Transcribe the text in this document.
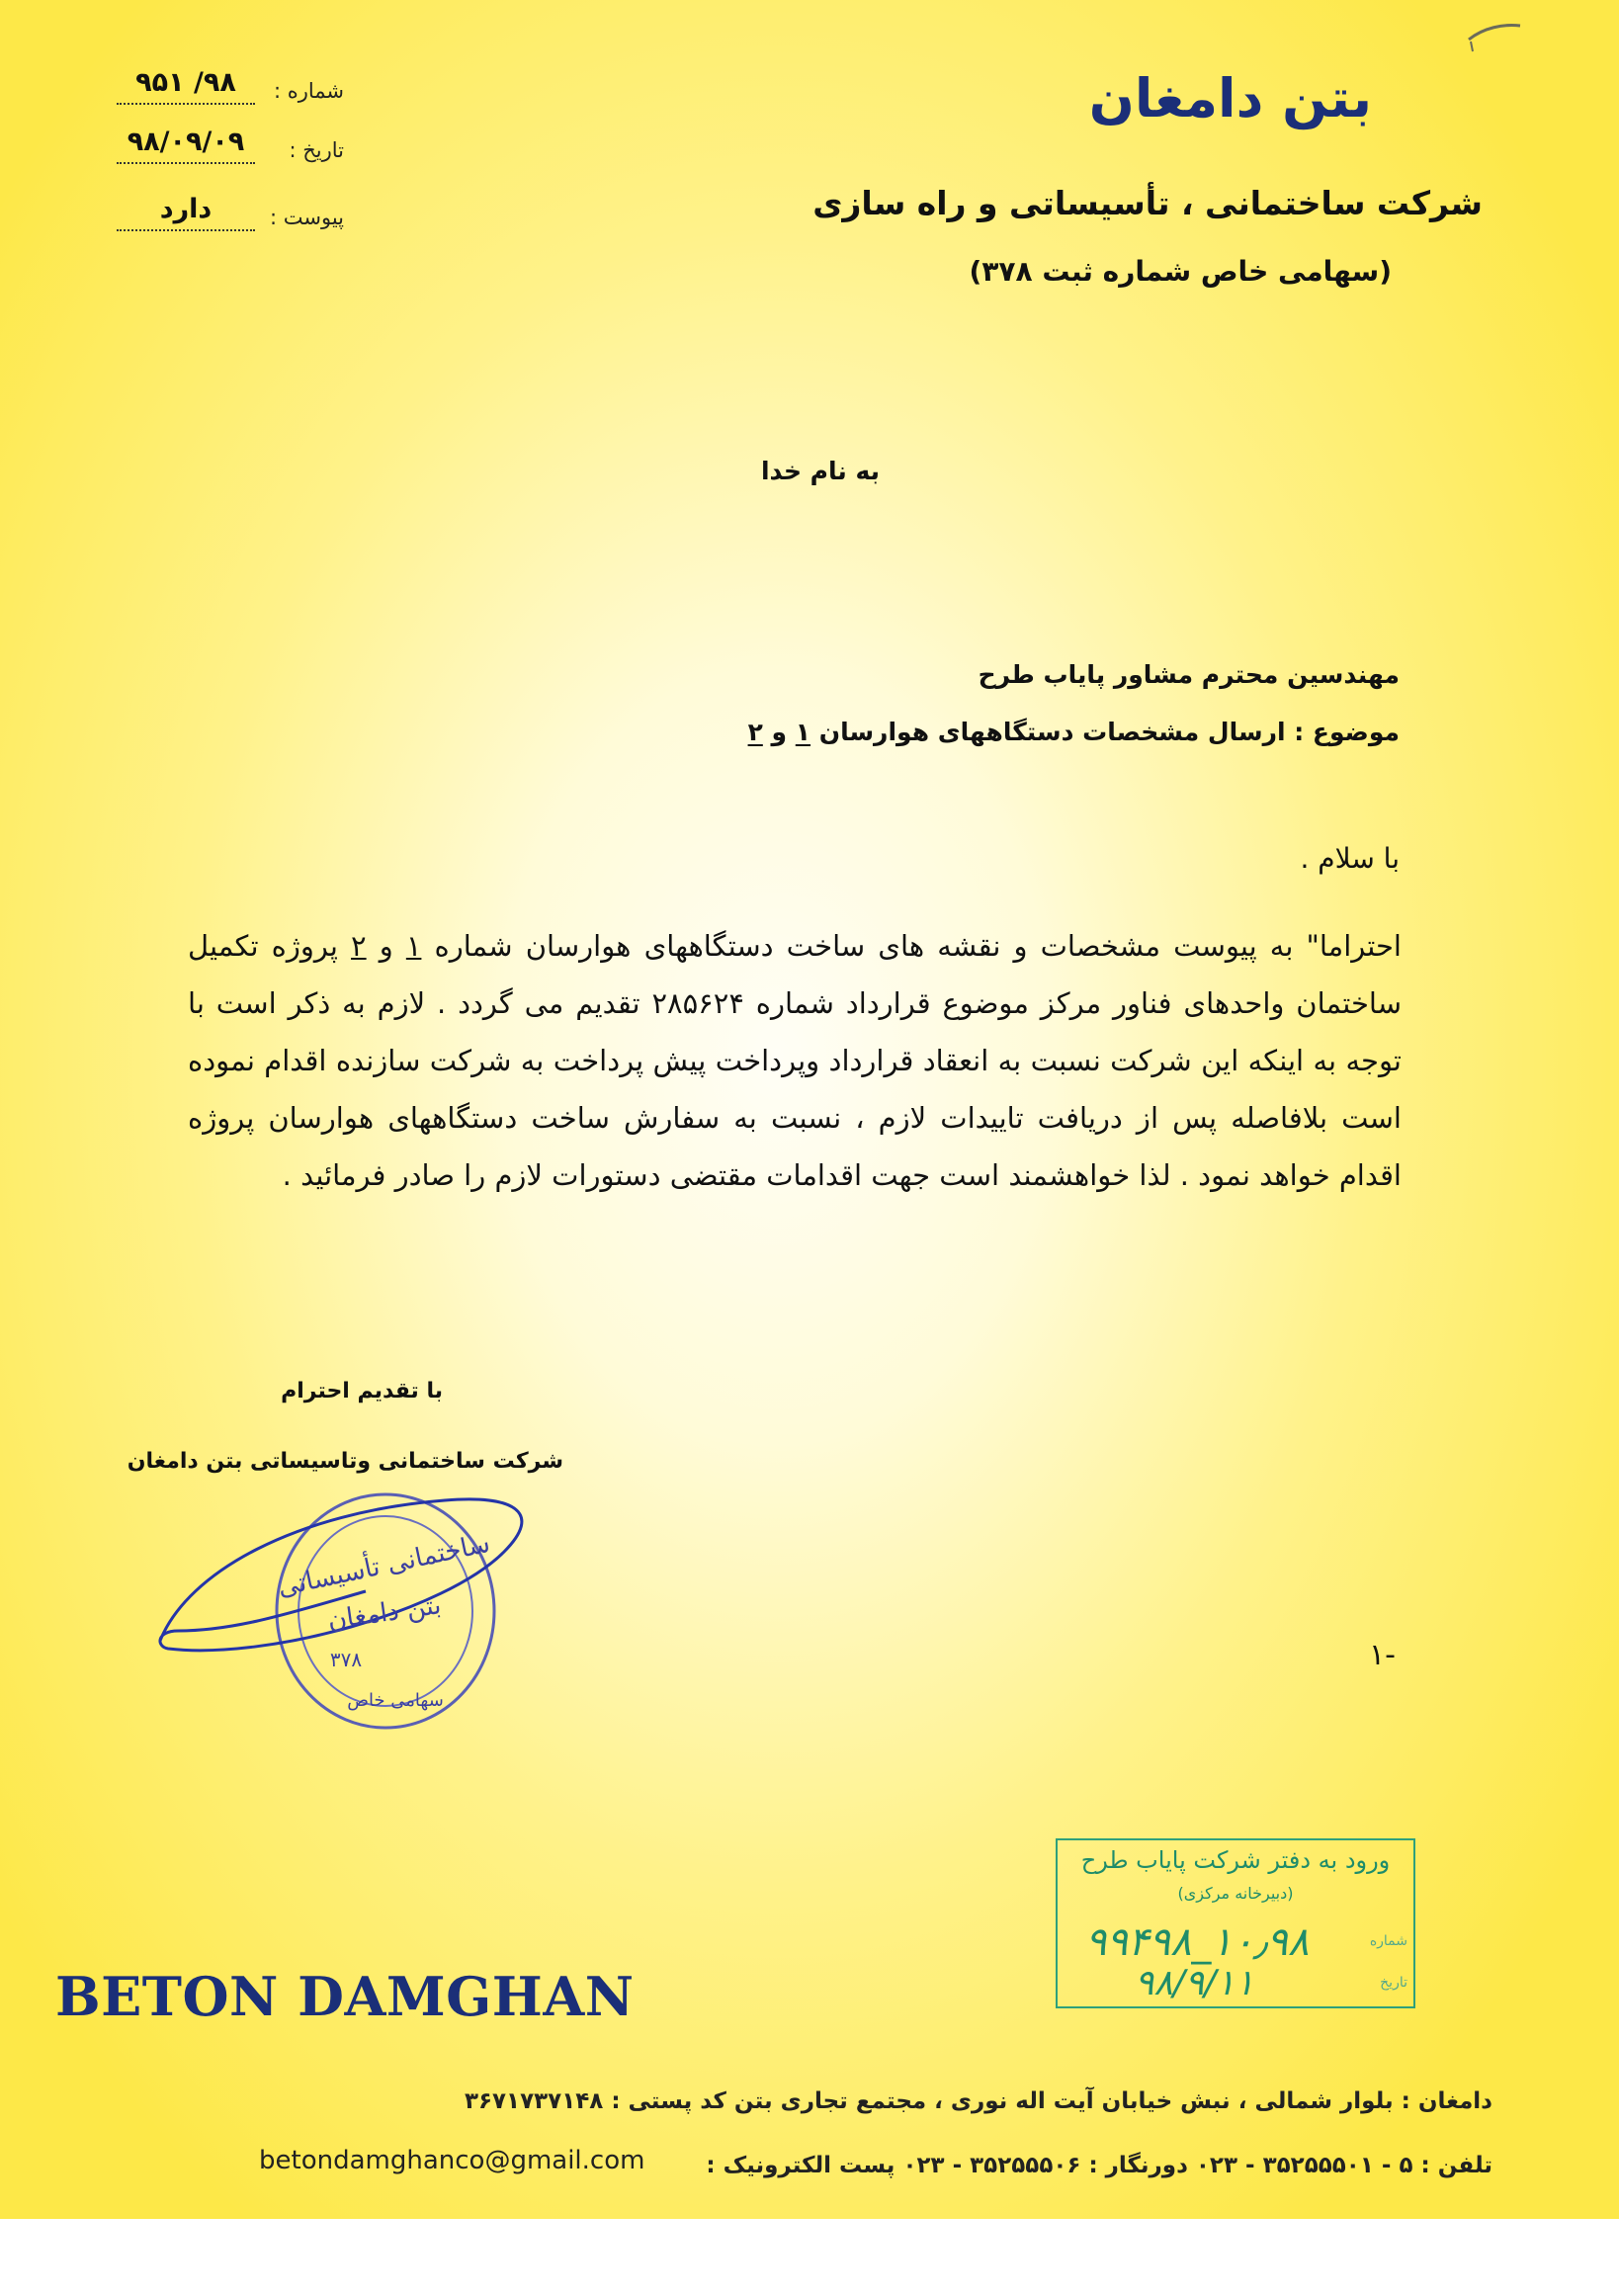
شماره :
۹۸/ ۹۵۱
تاریخ :
۹۸/۰۹/۰۹
پیوست :
دارد
بتن دامغان
شرکت ساختمانی ، تأسیساتی و راه سازی
(سهامی خاص شماره ثبت ۳۷۸)
به نام خدا
مهندسین محترم مشاور پایاب طرح
موضوع : ارسال مشخصات دستگاههای هوارسان ۱ و ۲
با سلام .
احتراما" به پیوست مشخصات و نقشه های ساخت دستگاههای هوارسان شماره ۱ و ۲ پروژه تکمیل ساختمان واحدهای فناور مرکز موضوع قرارداد شماره ۲۸۵۶۲۴ تقدیم می گردد . لازم به ذکر است با توجه به اینکه این شرکت نسبت به انعقاد قرارداد وپرداخت پیش پرداخت به شرکت سازنده اقدام نموده است بلافاصله پس از دریافت تاییدات لازم ، نسبت به سفارش ساخت دستگاههای هوارسان پروژه اقدام خواهد نمود . لذا خواهشمند است جهت اقدامات مقتضی دستورات لازم را صادر فرمائید .
با تقدیم احترام
شرکت ساختمانی وتاسیساتی بتن دامغان
ساختمانی تأسیساتی
بتن دامغان
۳۷۸
سهامی خاص
۱-
ورود به دفتر شرکت پایاب طرح
(دبیرخانه مرکزی)
شماره
۱۰٫۹۸_۹۹۴۹۸
تاریخ
۹۸/۹/۱۱
BETON DAMGHAN
دامغان : بلوار شمالی ، نبش خیابان آیت اله نوری ، مجتمع تجاری بتن کد پستی : ۳۶۷۱۷۳۷۱۴۸
تلفن : ۵ - ۳۵۲۵۵۵۰۱ - ۰۲۳ دورنگار : ۳۵۲۵۵۵۰۶ - ۰۲۳ پست الکترونیک :
betondamghanco@gmail.com
